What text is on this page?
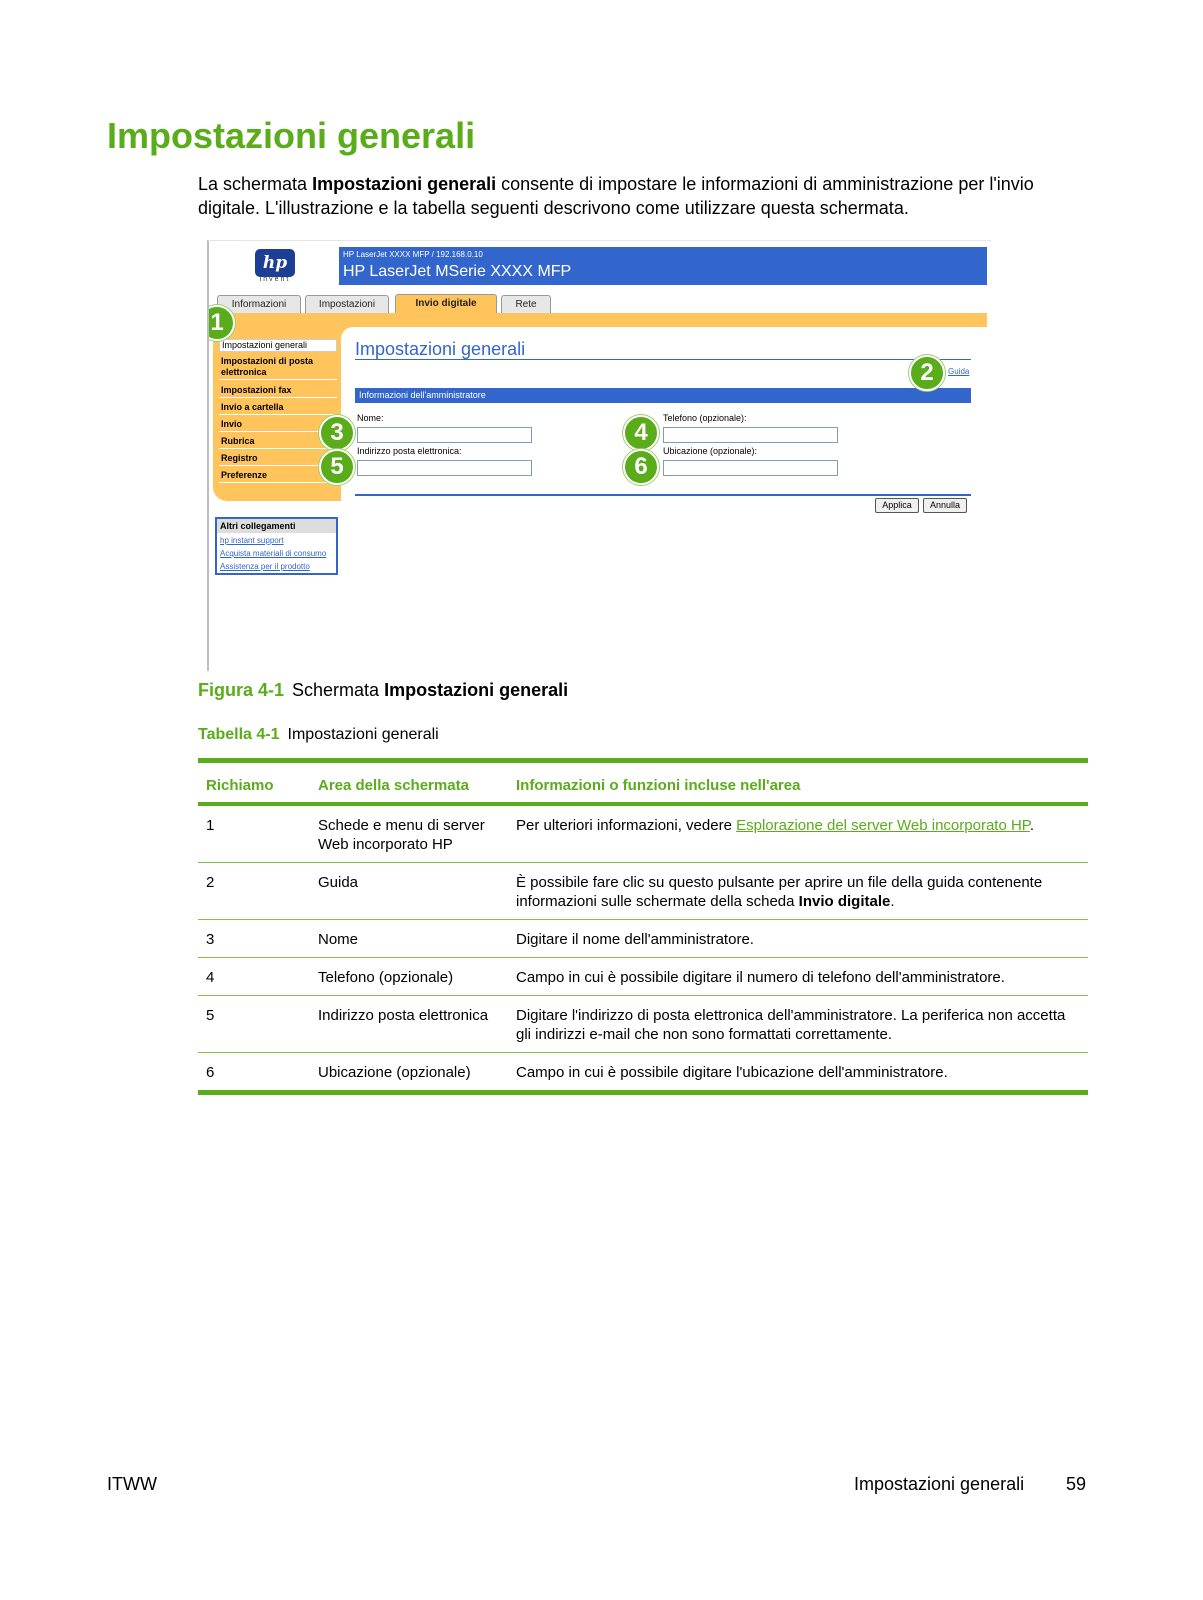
Impostazioni generali

La schermata Impostazioni generali consente di impostare le informazioni di amministrazione per l'invio digitale. L'illustrazione e la tabella seguenti descrivono come utilizzare questa schermata.

hp
invent
HP LaserJet XXXX MFP / 192.168.0.10
HP LaserJet MSerie XXXX MFP
Informazioni	Impostazioni	Invio digitale	Rete
Impostazioni generali
Impostazioni di posta elettronica
Impostazioni fax
Invio a cartella
Invio
Rubrica
Registro
Preferenze
Impostazioni generali
Guida
Informazioni dell'amministratore
Nome:	Telefono (opzionale):
Indirizzo posta elettronica:	Ubicazione (opzionale):
Applica	Annulla
Altri collegamenti
hp instant support
Acquista materiali di consumo
Assistenza per il prodotto
1
2
3	4
5	6
Figura 4-1 Schermata Impostazioni generali
Tabella 4-1 Impostazioni generali
Richiamo	Area della schermata	Informazioni o funzioni incluse nell'area
1	Schede e menu di server Web incorporato HP	Per ulteriori informazioni, vedere Esplorazione del server Web incorporato HP.
2	Guida	È possibile fare clic su questo pulsante per aprire un file della guida contenente informazioni sulle schermate della scheda Invio digitale.
3	Nome	Digitare il nome dell'amministratore.
4	Telefono (opzionale)	Campo in cui è possibile digitare il numero di telefono dell'amministratore.
5	Indirizzo posta elettronica	Digitare l'indirizzo di posta elettronica dell'amministratore. La periferica non accetta gli indirizzi e-mail che non sono formattati correttamente.
6	Ubicazione (opzionale)	Campo in cui è possibile digitare l'ubicazione dell'amministratore.
ITWW	Impostazioni generali 59
